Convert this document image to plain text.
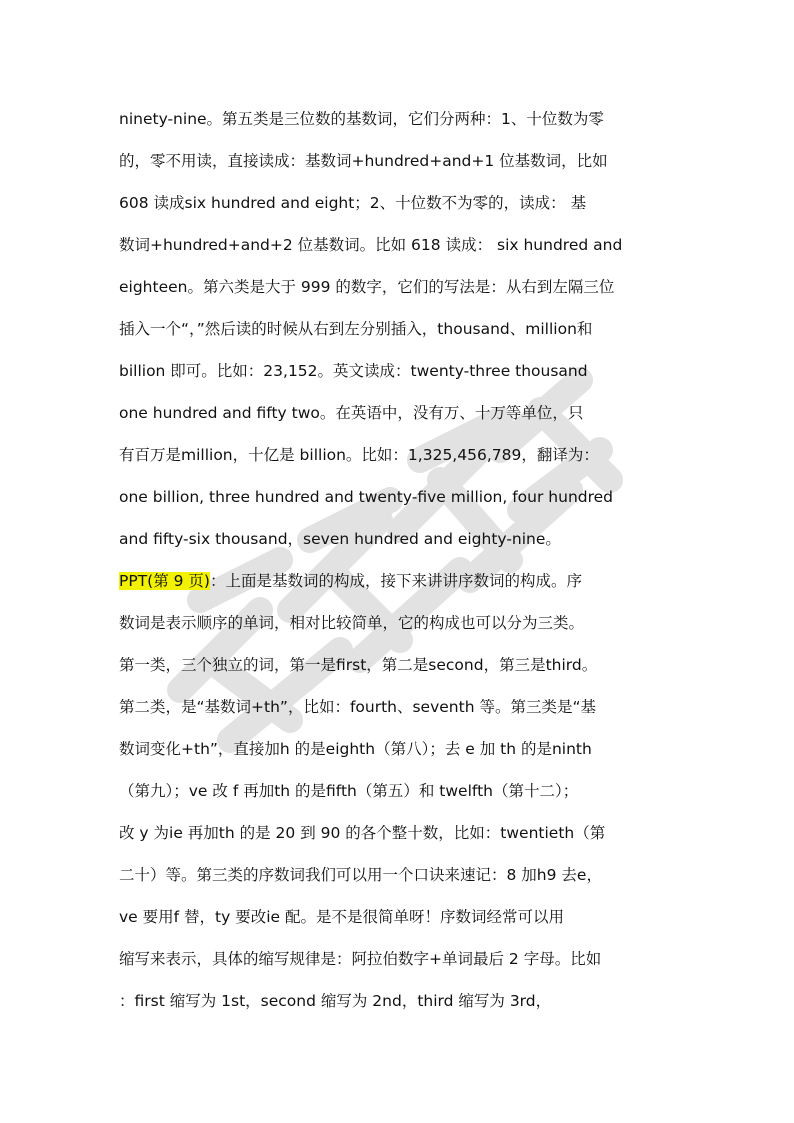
ninety-nine。第五类是三位数的基数词，它们分两种：1、十位数为零
的，零不用读，直接读成：基数词+hundred+and+1 位基数词，比如
608 读成six hundred and eight；2、十位数不为零的，读成： 基
数词+hundred+and+2 位基数词。比如 618 读成： six hundred and
eighteen。第六类是大于 999 的数字，它们的写法是：从右到左隔三位
插入一个“，”然后读的时候从右到左分别插入，thousand、million和
billion 即可。比如：23,152。英文读成：twenty-three thousand
one hundred and fifty two。在英语中，没有万、十万等单位，只
有百万是million，十亿是 billion。比如：1,325,456,789，翻译为：
one billion, three hundred and twenty-five million, four hundred
and fifty-six thousand，seven hundred and eighty-nine。
PPT(第 9 页)：上面是基数词的构成，接下来讲讲序数词的构成。序
数词是表示顺序的单词，相对比较简单，它的构成也可以分为三类。
第一类，三个独立的词，第一是first，第二是second，第三是third。
第二类，是“基数词+th”，比如：fourth、seventh 等。第三类是“基
数词变化+th”，直接加h 的是eighth（第八）；去 e 加 th 的是ninth
（第九）；ve 改 f 再加th 的是fifth（第五）和 twelfth（第十二）；
改 y 为ie 再加th 的是 20 到 90 的各个整十数，比如：twentieth（第
二十）等。第三类的序数词我们可以用一个口诀来速记：8 加h9 去e，
ve 要用f 替，ty 要改ie 配。是不是很简单呀！序数词经常可以用
缩写来表示，具体的缩写规律是：阿拉伯数字+单词最后 2 字母。比如
：first 缩写为 1st，second 缩写为 2nd，third 缩写为 3rd，
